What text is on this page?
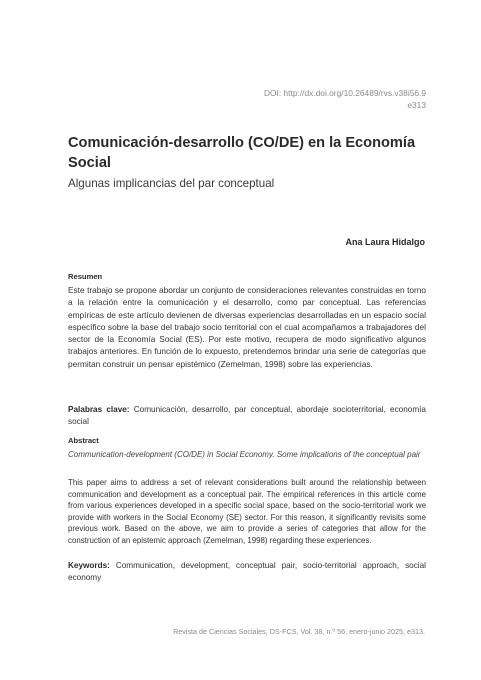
DOI: http://dx.doi.org/10.26489/rvs.v38i56.9
e313
Comunicación-desarrollo (CO/DE) en la Economía Social
Algunas implicancias del par conceptual
Ana Laura Hidalgo
Resumen
Este trabajo se propone abordar un conjunto de consideraciones relevantes construidas en torno a la relación entre la comunicación y el desarrollo, como par conceptual. Las referencias empíricas de este artículo devienen de diversas experiencias desarrolladas en un espacio social específico sobre la base del trabajo socio territorial con el cual acompañamos a trabajadores del sector de la Economía Social (ES). Por este motivo, recupera de modo significativo algunos trabajos anteriores. En función de lo expuesto, pretendemos brindar una serie de categorías que permitan construir un pensar epistémico (Zemelman, 1998) sobre las experiencias.
Palabras clave: Comunicación, desarrollo, par conceptual, abordaje socioterritorial, economía social
Abstract
Communication-development (CO/DE) in Social Economy. Some implications of the conceptual pair
This paper aims to address a set of relevant considerations built around the relationship between communication and development as a conceptual pair. The empirical references in this article come from various experiences developed in a specific social space, based on the socio-territorial work we provide with workers in the Social Economy (SE) sector. For this reason, it significantly revisits some previous work. Based on the above, we aim to provide a series of categories that allow for the construction of an epistemic approach (Zemelman, 1998) regarding these experiences.
Keywords: Communication, development, conceptual pair, socio-territorial approach, social economy
Revista de Ciencias Sociales, DS-FCS, Vol. 38, n.º 56, enero-junio 2025, e313.
